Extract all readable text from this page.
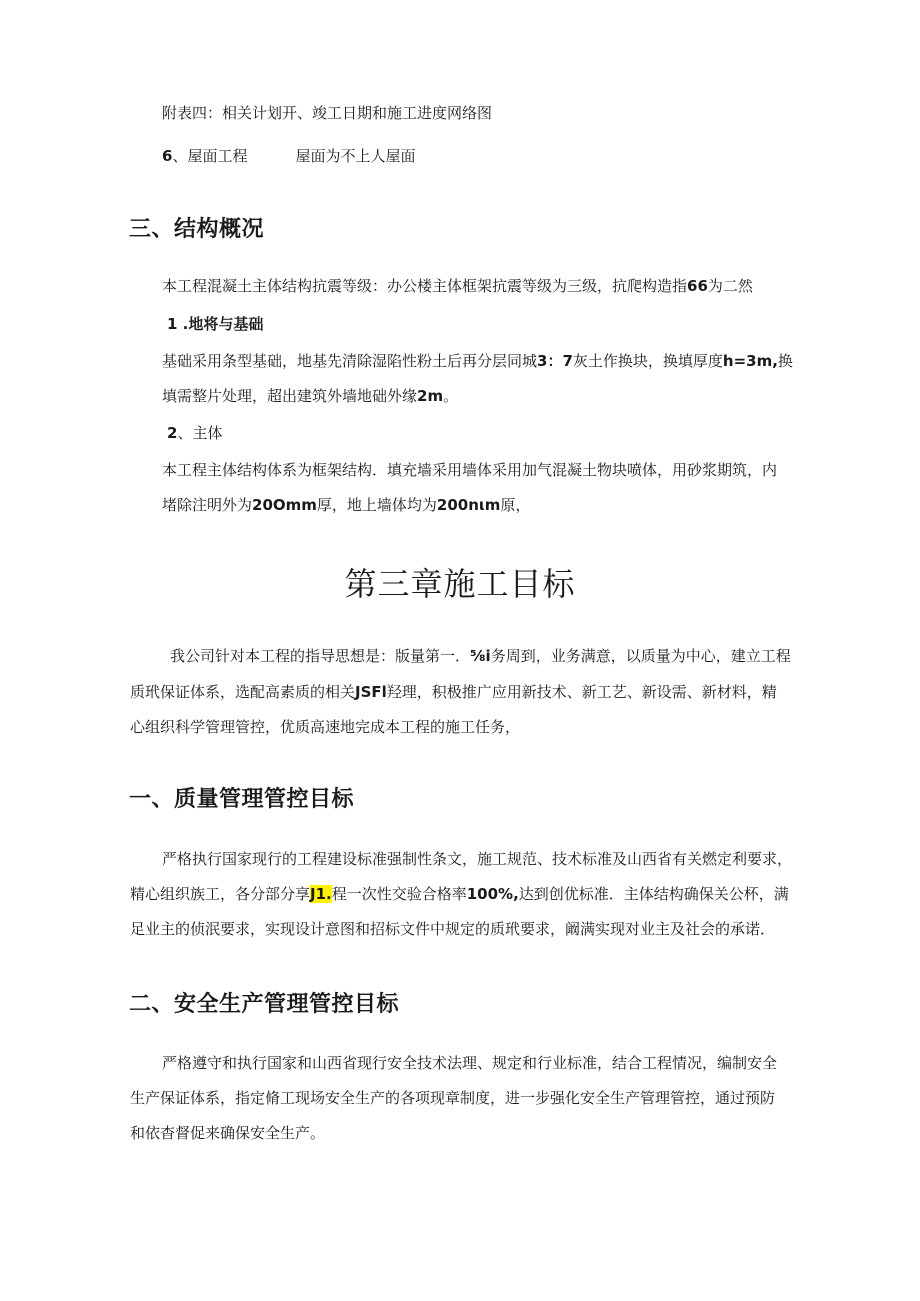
附表四：相关计划开、竣工日期和施工进度网络图
6、屋面工程	屋面为不上人屋面
三、结构概况
本工程混凝土主体结构抗震等级：办公楼主体框架抗震等级为三级，抗爬构造指66为二然
1 .地将与基础
基础采用条型基础，地基先清除湿陷性粉土后再分层同城3：7灰土作换块，换填厚度h=3m,换
填需整片处理，超出建筑外墙地础外缘2m。
2、主体
本工程主体结构体系为框架结构．填充墙采用墙体采用加气混凝土物块喷体，用砂浆期筑，内
堵除注明外为20Omm厚，地上墙体均为200nιm原，
第三章施工目标
我公司针对本工程的指导思想是：版量第一．⅝i务周到，业务满意，以质量为中心，建立工程
质玳保证体系，选配高素质的相关JSFl羟理，积极推广应用新技术、新工艺、新设需、新材料，精
心组织科学管理管控，优质高速地完成本工程的施工任务，
一、质量管理管控目标
严格执行国家现行的工程建设标准强制性条文，施工规范、技术标准及山西省有关燃定利要求，
精心组织族工，各分部分享J1.程一次性交验合格率100%,达到创优标准．主体结构确保关公杯，满
足业主的侦泯要求，实现设计意图和招标文件中规定的质玳要求，阚满实现对业主及社会的承诺．
二、安全生产管理管控目标
严格遵守和执行国家和山西省现行安全技术法理、规定和行业标准，结合工程情况，编制安全
生产保证体系，指定脩工现场安全生产的各项现章制度，进一步强化安全生产管理管控，通过预防
和依杳督促来确保安全生产。
